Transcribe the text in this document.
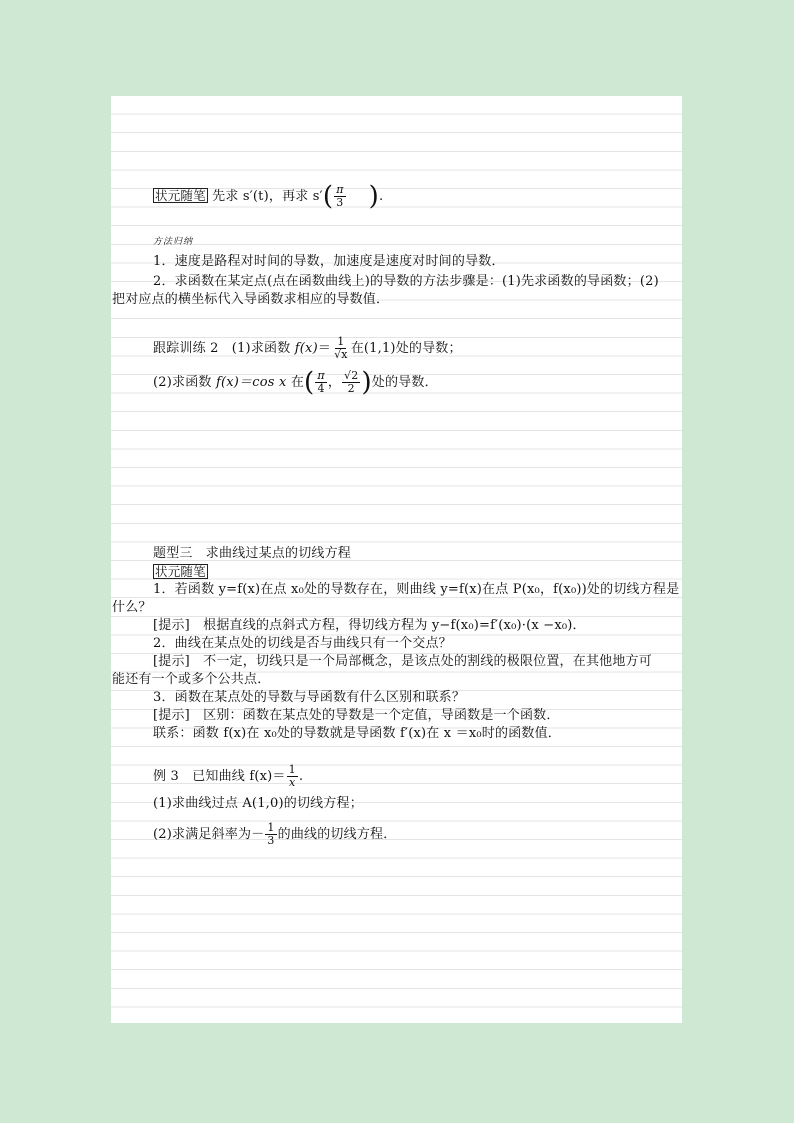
状元随笔 先求 s′(t)，再求 $s'( \frac{\pi}{3}$ ).
方法归纳
1．速度是路程对时间的导数，加速度是速度对时间的导数．
2．求函数在某定点(点在函数曲线上)的导数的方法步骤是：(1)先求函数的导函数；(2)
把对应点的横坐标代入导函数求相应的导数值．
跟踪训练 2　(1)求函数 $f(x)= \frac{1}{√x}$ 在(1,1)处的导数；
(2)求函数 f(x)＝cos x 在( $\frac{\pi}{4}$ ， $\frac{√2}{2}$ )处的导数．
题型三　求曲线过某点的切线方程
状元随笔
1．若函数 y=f(x)在点 x₀处的导数存在，则曲线 y=f(x)在点 P(x₀，f(x₀))处的切线方程是
什么？
[提示]　根据直线的点斜式方程，得切线方程为 y−f(x₀)=f′(x₀)·(x −x₀)．
2．曲线在某点处的切线是否与曲线只有一个交点？
[提示]　不一定，切线只是一个局部概念，是该点处的割线的极限位置，在其他地方可
能还有一个或多个公共点．
3．函数在某点处的导数与导函数有什么区别和联系？
[提示]　区别：函数在某点处的导数是一个定值，导函数是一个函数．
联系：函数 f(x)在 x₀处的导数就是导函数 f′(x)在 x ＝x₀时的函数值．
例 3　已知曲线 $f(x)= \frac{1}{x}$ .
(1)求曲线过点 A(1,0)的切线方程；
(2)求满足斜率为－ $\frac{1}{3}$ 的曲线的切线方程．
